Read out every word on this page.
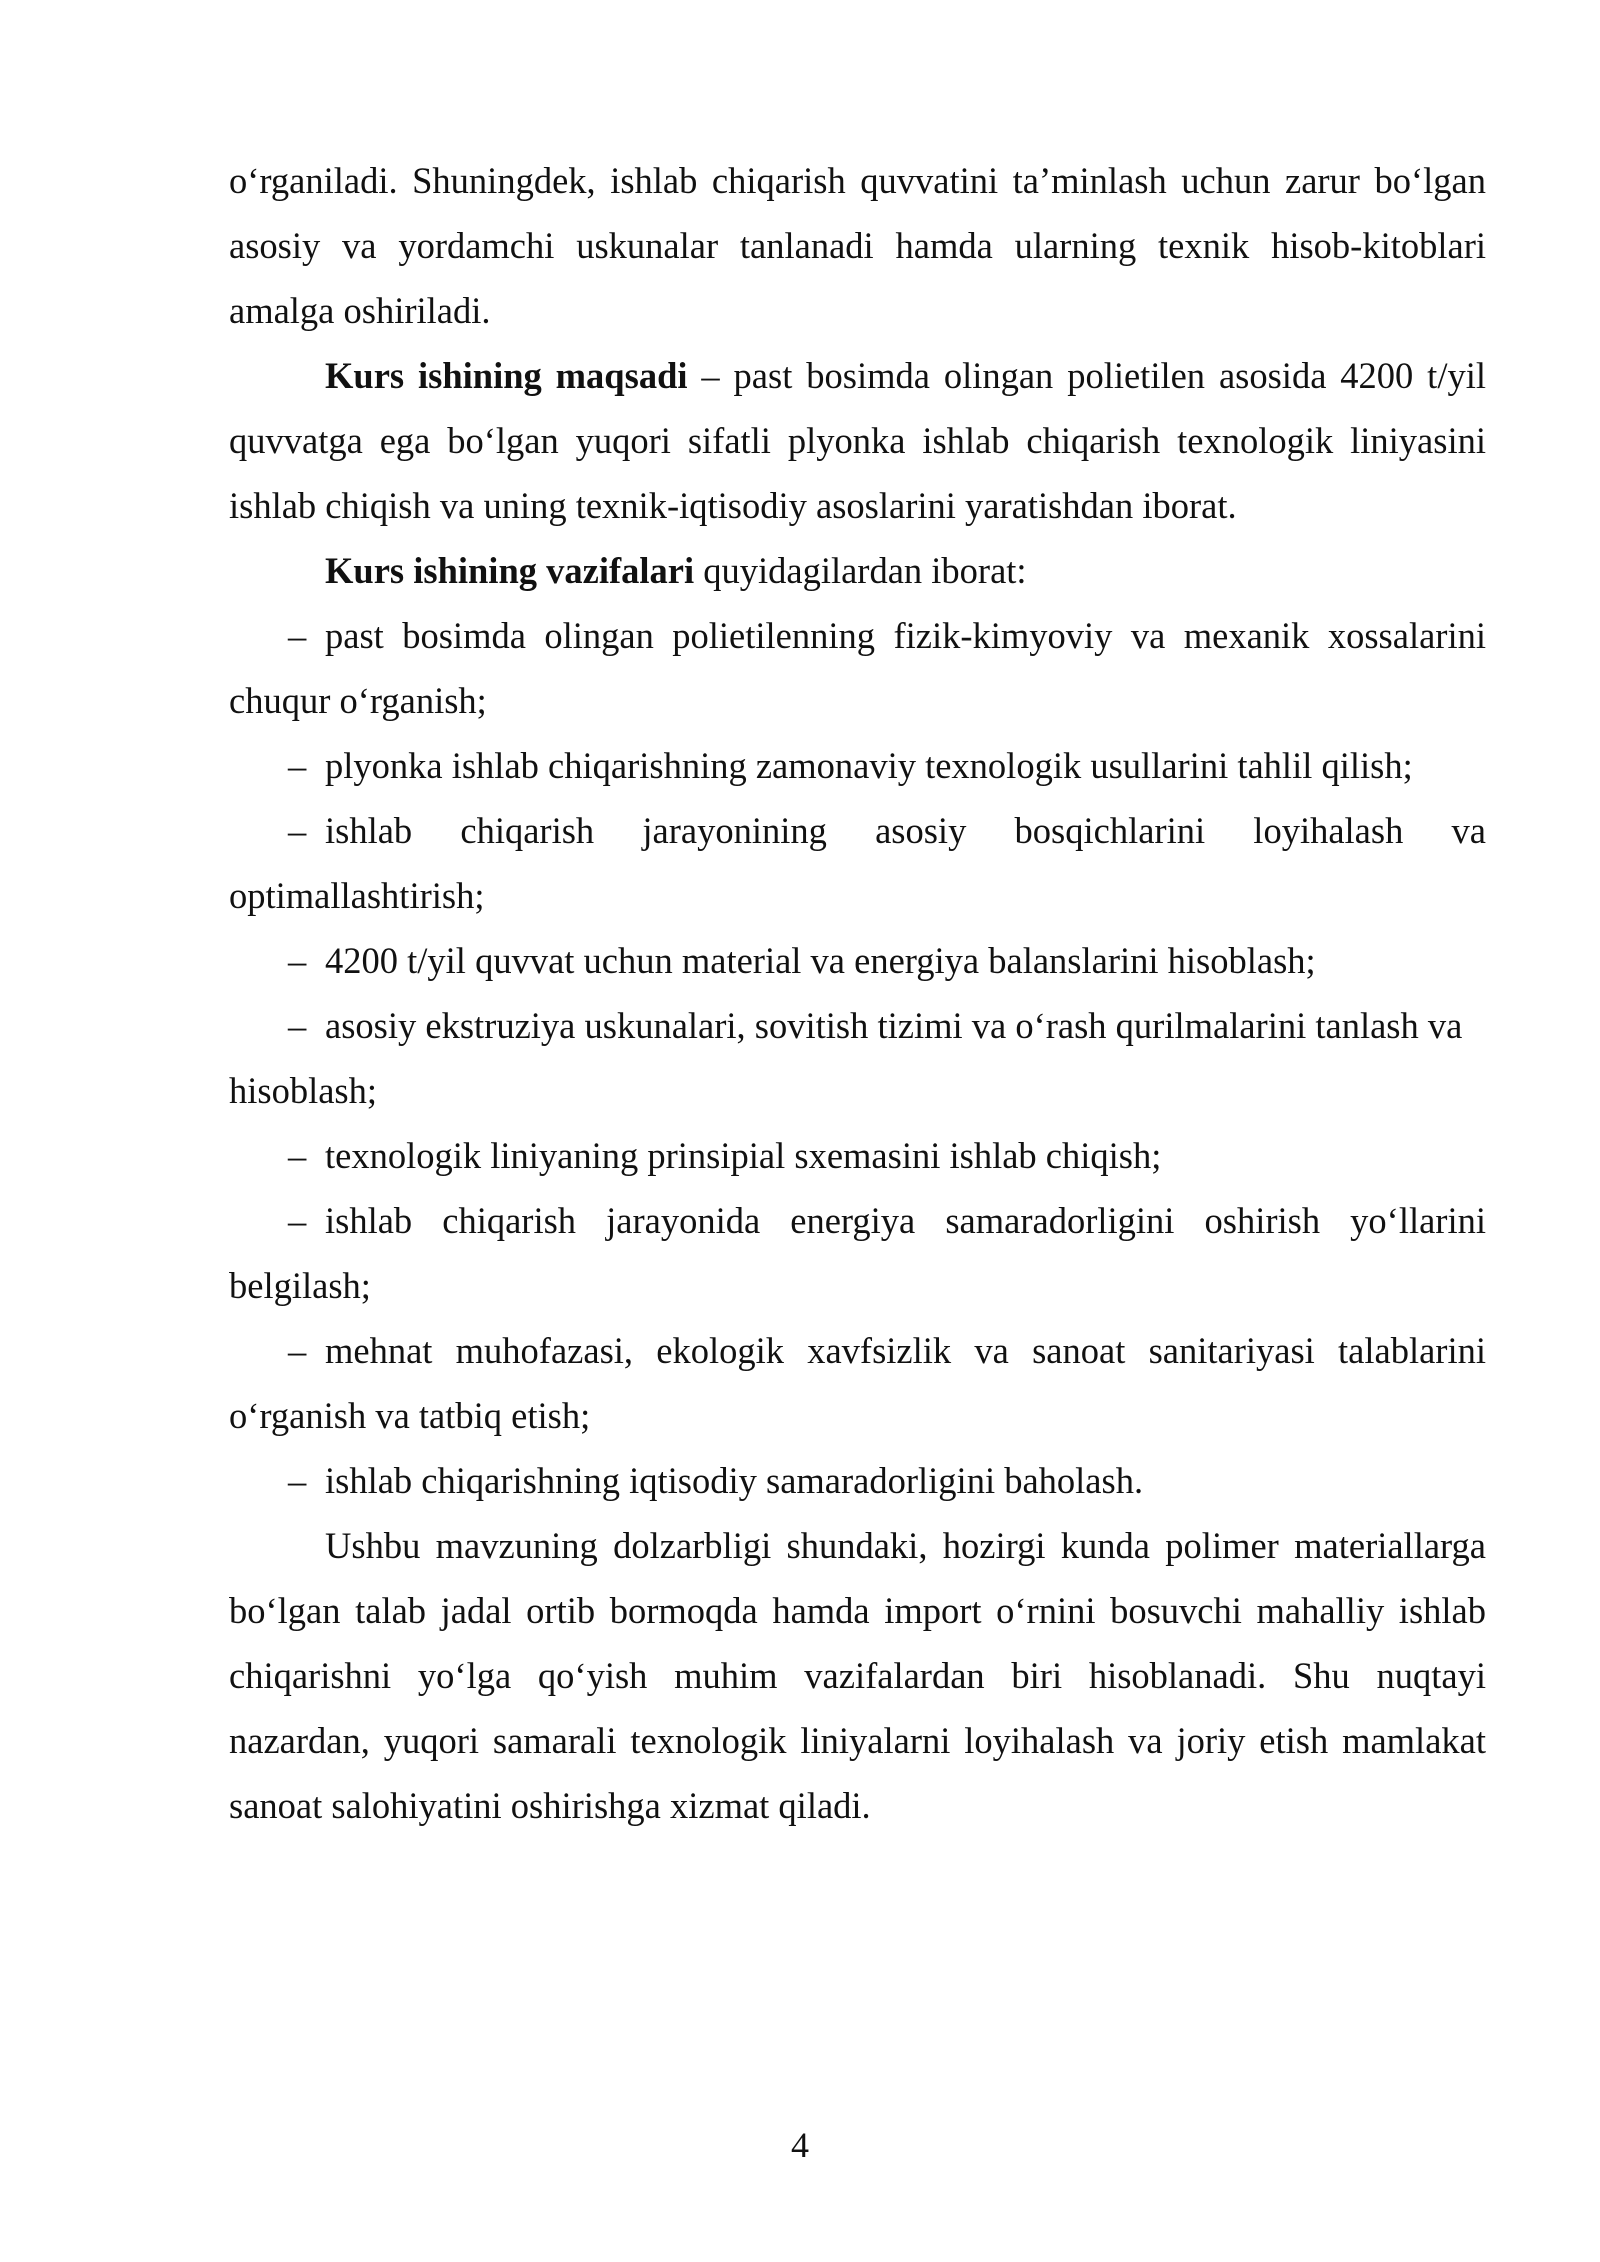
o‘rganiladi. Shuningdek, ishlab chiqarish quvvatini ta’minlash uchun zarur bo‘lgan asosiy va yordamchi uskunalar tanlanadi hamda ularning texnik hisob-kitoblari amalga oshiriladi.

Kurs ishining maqsadi – past bosimda olingan polietilen asosida 4200 t/yil quvvatga ega bo‘lgan yuqori sifatli plyonka ishlab chiqarish texnologik liniyasini ishlab chiqish va uning texnik-iqtisodiy asoslarini yaratishdan iborat.

Kurs ishining vazifalari quyidagilardan iborat:

– past bosimda olingan polietilenning fizik-kimyoviy va mexanik xossalarini chuqur o‘rganish;

– plyonka ishlab chiqarishning zamonaviy texnologik usullarini tahlil qilish;

– ishlab chiqarish jarayonining asosiy bosqichlarini loyihalash va optimallashtirish;

– 4200 t/yil quvvat uchun material va energiya balanslarini hisoblash;

– asosiy ekstruziya uskunalari, sovitish tizimi va o‘rash qurilmalarini tanlash va hisoblash;

– texnologik liniyaning prinsipial sxemasini ishlab chiqish;

– ishlab chiqarish jarayonida energiya samaradorligini oshirish yo‘llarini belgilash;

– mehnat muhofazasi, ekologik xavfsizlik va sanoat sanitariyasi talablarini o‘rganish va tatbiq etish;

– ishlab chiqarishning iqtisodiy samaradorligini baholash.

Ushbu mavzuning dolzarbligi shundaki, hozirgi kunda polimer materiallarga bo‘lgan talab jadal ortib bormoqda hamda import o‘rnini bosuvchi mahalliy ishlab chiqarishni yo‘lga qo‘yish muhim vazifalardan biri hisoblanadi. Shu nuqtayi nazardan, yuqori samarali texnologik liniyalarni loyihalash va joriy etish mamlakat sanoat salohiyatini oshirishga xizmat qiladi.

4
